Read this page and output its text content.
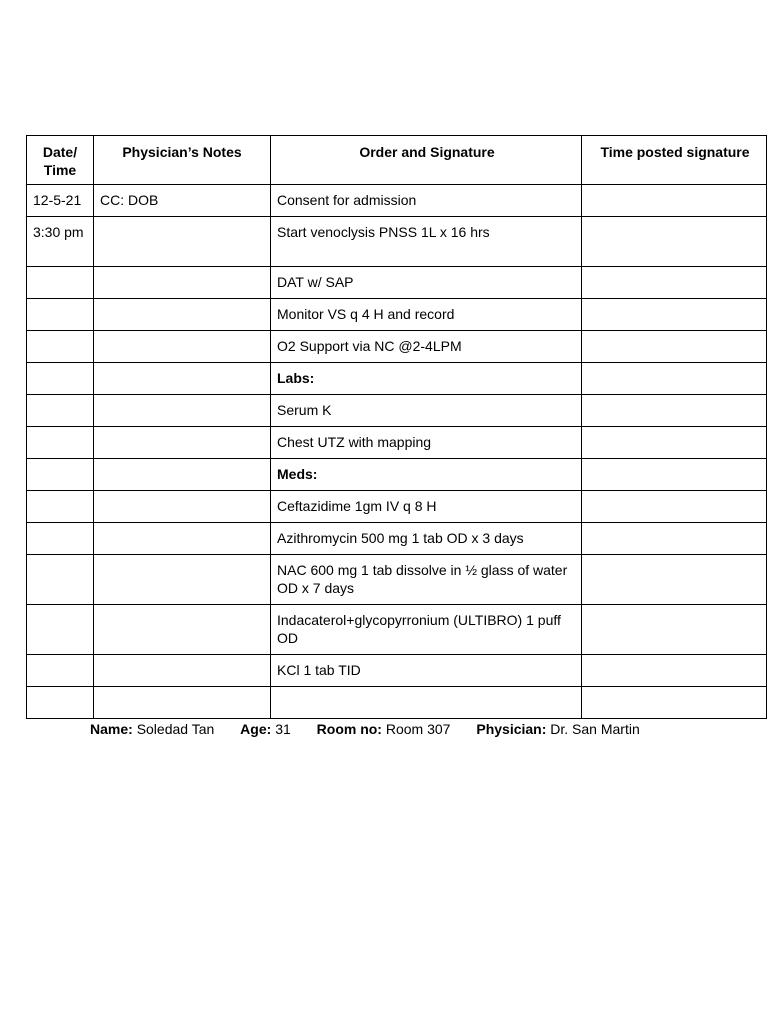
Date/ Time	Physician’s Notes	Order and Signature	Time posted signature

12-5-21	CC: DOB	Consent for admission	

3:30 pm		Start venoclysis PNSS 1L x 16 hrs	

		DAT w/ SAP	

		Monitor VS q 4 H and record	

		O2 Support via NC @2-4LPM	

		Labs:	

		Serum K	

		Chest UTZ with mapping	

		Meds:	

		Ceftazidime 1gm IV q 8 H	

		Azithromycin 500 mg 1 tab OD x 3 days	

		NAC 600 mg 1 tab dissolve in ½ glass of water OD x 7 days	

		Indacaterol+glycopyrronium (ULTIBRO) 1 puff OD	

		KCl 1 tab TID	

Name: Soledad Tan Age: 31 Room no: Room 307 Physician: Dr. San Martin
